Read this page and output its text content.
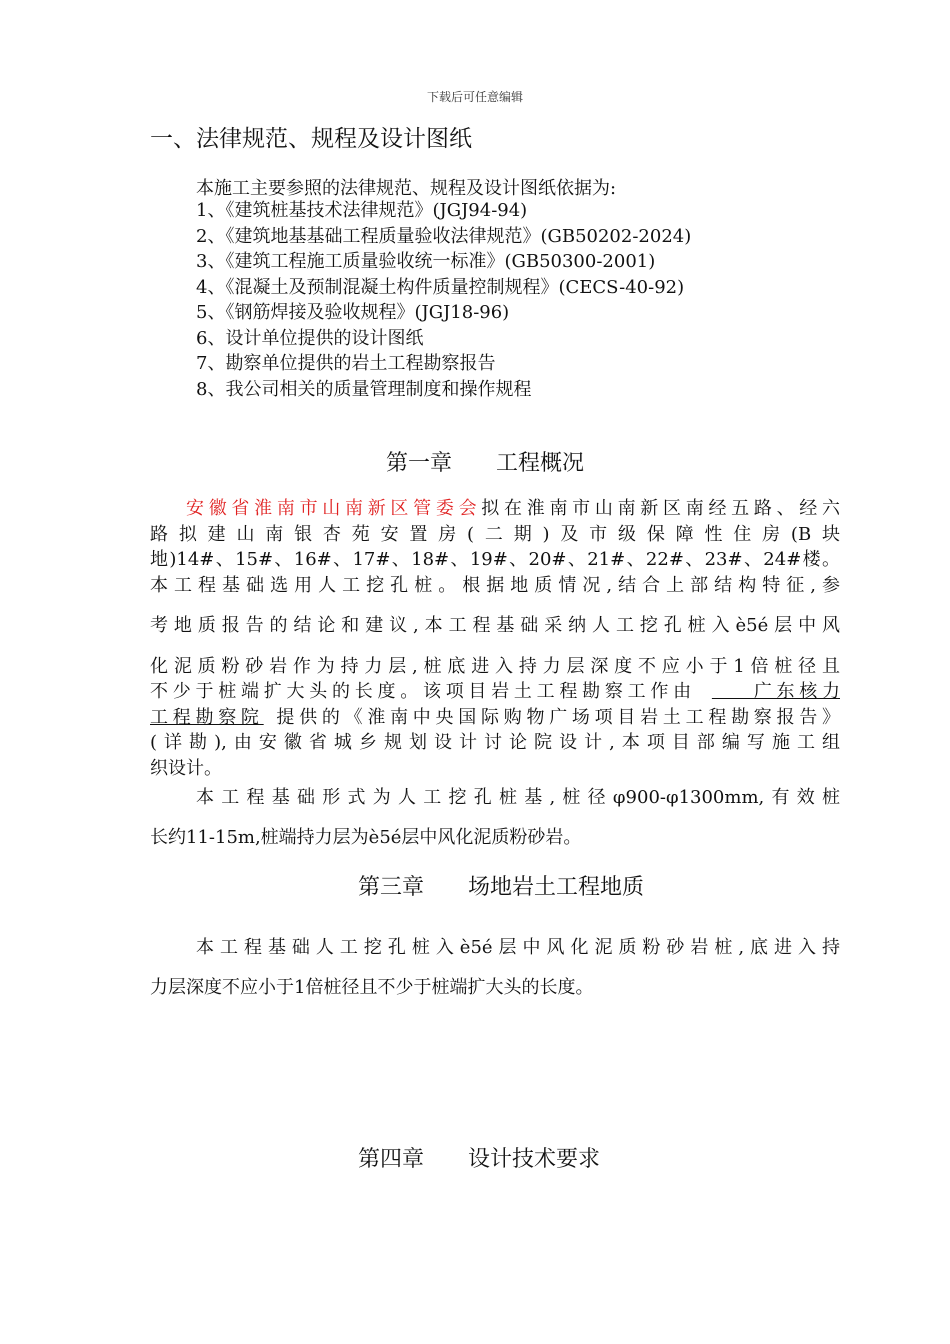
下载后可任意编辑
一、法律规范、规程及设计图纸
本施工主要参照的法律规范、规程及设计图纸依据为:
1、《建筑桩基技术法律规范》(JGJ94-94)
2、《建筑地基基础工程质量验收法律规范》(GB50202-2024)
3、《建筑工程施工质量验收统一标准》(GB50300-2001)
4、《混凝土及预制混凝土构件质量控制规程》(CECS-40-92)
5、《钢筋焊接及验收规程》(JGJ18-96)
6、设计单位提供的设计图纸
7、勘察单位提供的岩土工程勘察报告
8、我公司相关的质量管理制度和操作规程
第一章 工程概况
安徽省淮南市山南新区管委会拟在淮南市山南新区南经五路、经六
路拟建山南银杏苑安置房(二期)及市级保障性住房(B块
地)14#、15#、16#、17#、18#、19#、20#、21#、22#、23#、24#楼。
本工程基础选用人工挖孔桩。根据地质情况,结合上部结构特征,参
考地质报告的结论和建议,本工程基础采纳人工挖孔桩入è5é层中风
化泥质粉砂岩作为持力层,桩底进入持力层深度不应小于1倍桩径且
不少于桩端扩大头的长度。该项目岩土工程勘察工作由    广东核力
工程勘察院 提供的《淮南中央国际购物广场项目岩土工程勘察报告》
(详勘),由安徽省城乡规划设计讨论院设计,本项目部编写施工组
织设计。
本工程基础形式为人工挖孔桩基,桩径φ900-φ1300mm,有效桩
长约11-15m,桩端持力层为è5é层中风化泥质粉砂岩。
第三章 场地岩土工程地质
本工程基础人工挖孔桩入è5é层中风化泥质粉砂岩桩,底进入持
力层深度不应小于1倍桩径且不少于桩端扩大头的长度。
第四章 设计技术要求
